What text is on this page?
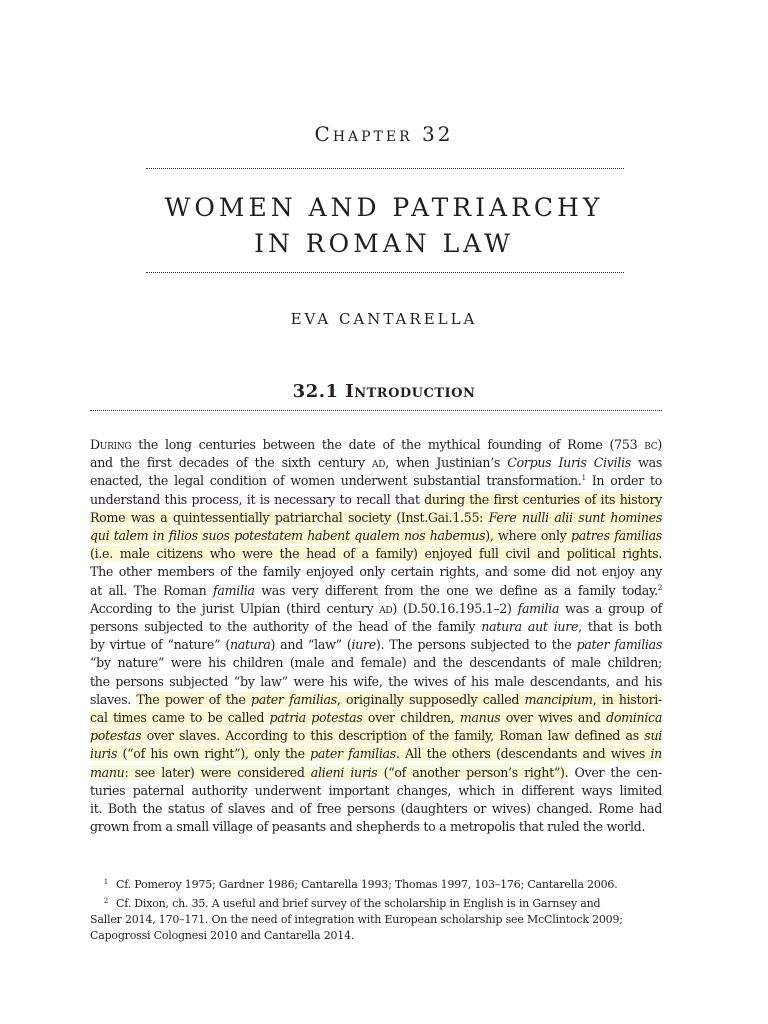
Chapter 32
WOMEN AND PATRIARCHY
IN ROMAN LAW
EVA CANTARELLA
32.1 Introduction
During the long centuries between the date of the mythical founding of Rome (753 bc)
and the first decades of the sixth century ad, when Justinian’s Corpus Iuris Civilis was
enacted, the legal condition of women underwent substantial transformation.$^1$ In order to
understand this process, it is necessary to recall that during the first centuries of its history
Rome was a quintessentially patriarchal society (Inst.Gai.1.55: Fere nulli alii sunt homines
qui talem in filios suos potestatem habent qualem nos habemus), where only patres familias
(i.e. male citizens who were the head of a family) enjoyed full civil and political rights.
The other members of the family enjoyed only certain rights, and some did not enjoy any
at all. The Roman familia was very different from the one we define as a family today.$^2$
According to the jurist Ulpian (third century ad) (D.50.16.195.1–2) familia was a group of
persons subjected to the authority of the head of the family natura aut iure, that is both
by virtue of “nature” (natura) and “law” (iure). The persons subjected to the pater familias
“by nature” were his children (male and female) and the descendants of male children;
the persons subjected “by law” were his wife, the wives of his male descendants, and his
slaves. The power of the pater familias, originally supposedly called mancipium, in histori-
cal times came to be called patria potestas over children, manus over wives and dominica
potestas over slaves. According to this description of the family, Roman law defined as sui
iuris (“of his own right”), only the pater familias. All the others (descendants and wives in
manu: see later) were considered alieni iuris (“of another person’s right”). Over the cen-
turies paternal authority underwent important changes, which in different ways limited
it. Both the status of slaves and of free persons (daughters or wives) changed. Rome had
grown from a small village of peasants and shepherds to a metropolis that ruled the world.
1 Cf. Pomeroy 1975; Gardner 1986; Cantarella 1993; Thomas 1997, 103–176; Cantarella 2006.
2 Cf. Dixon, ch. 35. A useful and brief survey of the scholarship in English is in Garnsey and
Saller 2014, 170–171. On the need of integration with European scholarship see McClintock 2009;
Capogrossi Colognesi 2010 and Cantarella 2014.
